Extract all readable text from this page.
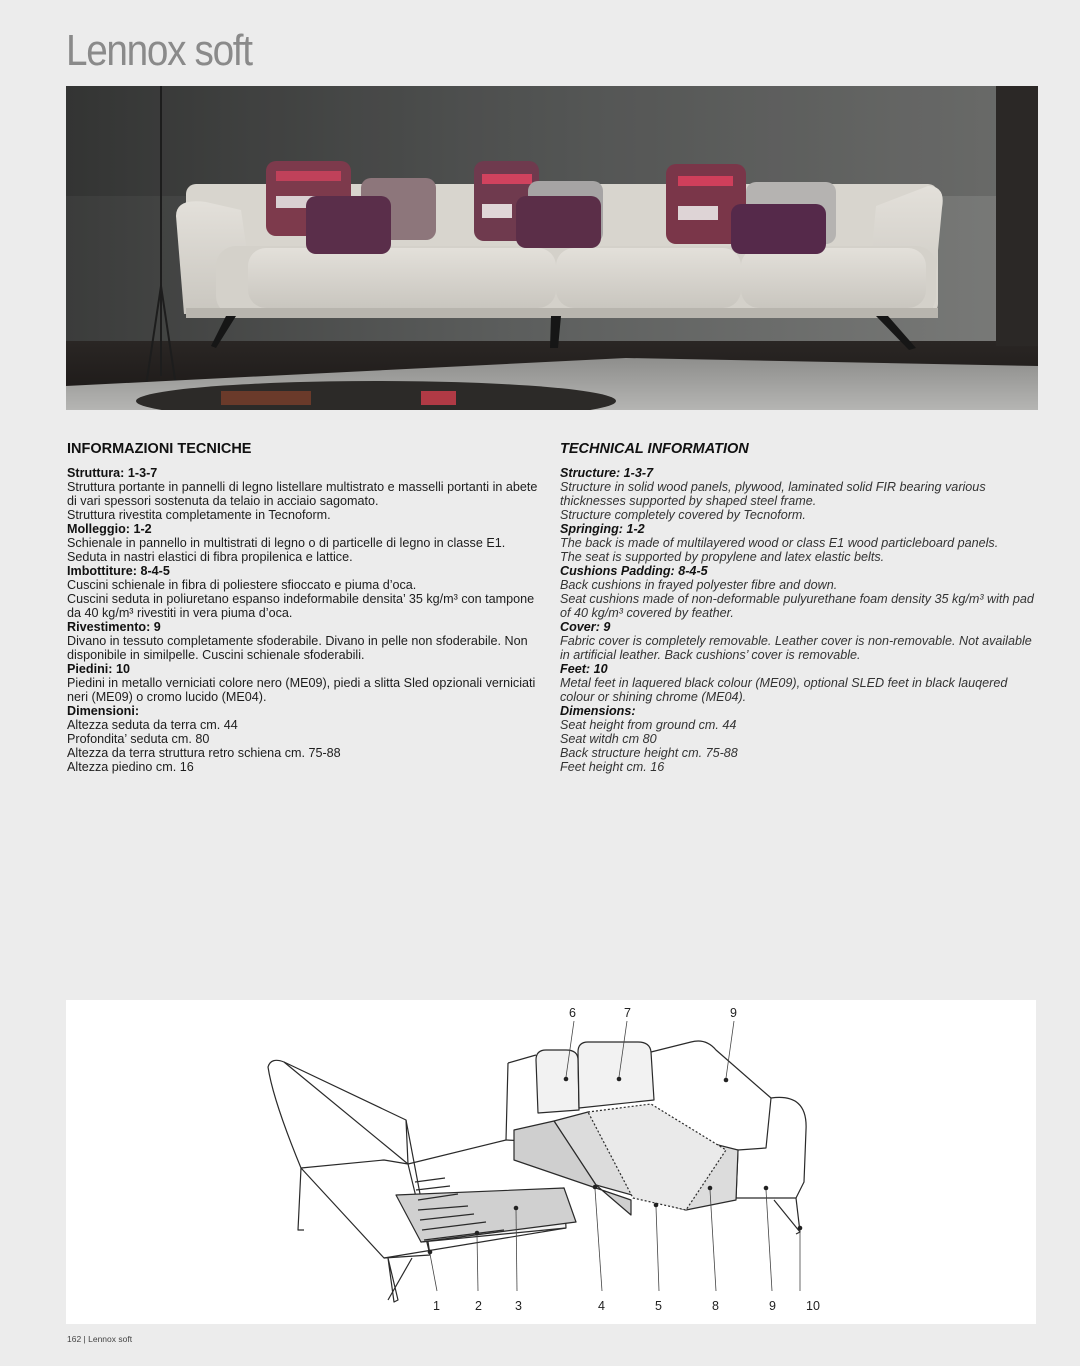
Lennox soft
INFORMAZIONI TECNICHE

Struttura: 1-3-7

Struttura portante in pannelli di legno listellare multistrato e masselli portanti in abete di vari spessori sostenuta da telaio in acciaio sagomato.

Struttura rivestita completamente in Tecnoform.

Molleggio: 1-2

Schienale in pannello in multistrati di legno o di particelle di legno in classe E1.

Seduta in nastri elastici di fibra propilenica e lattice.

Imbottiture: 8-4-5

Cuscini schienale in fibra di poliestere sfioccato e piuma d’oca.

Cuscini seduta in poliuretano espanso indeformabile densita’ 35 kg/m³ con tampone da 40 kg/m³ rivestiti in vera piuma d’oca.

Rivestimento: 9

Divano in tessuto completamente sfoderabile. Divano in pelle non sfoderabile. Non disponibile in similpelle. Cuscini schienale sfoderabili.

Piedini: 10

Piedini in metallo verniciati colore nero (ME09), piedi a slitta Sled opzionali verniciati neri (ME09) o cromo lucido (ME04).

Dimensioni:

Altezza seduta da terra cm. 44

Profondita’ seduta cm. 80

Altezza da terra struttura retro schiena cm. 75-88

Altezza piedino cm. 16

TECHNICAL INFORMATION

Structure: 1-3-7

Structure in solid wood panels, plywood, laminated solid FIR bearing various thicknesses supported by shaped steel frame.

Structure completely covered by Tecnoform.

Springing: 1-2

The back is made of multilayered wood or class E1 wood particleboard panels.

The seat is supported by propylene and latex elastic belts.

Cushions Padding: 8-4-5

Back cushions in frayed polyester fibre and down.

Seat cushions made of non-deformable pulyurethane foam density 35 kg/m³ with pad of 40 kg/m³ covered by feather.

Cover: 9

Fabric cover is completely removable. Leather cover is non-removable. Not available in artificial leather. Back cushions’ cover is removable.

Feet: 10

Metal feet in laquered black colour (ME09), optional SLED feet in black lauqered colour or shining chrome (ME04).

Dimensions:

Seat height from ground cm. 44

Seat witdh cm 80

Back structure height cm. 75-88

Feet height cm. 16

6	7	9
1	2	3	4	5	8	9 10
162 | Lennox soft
